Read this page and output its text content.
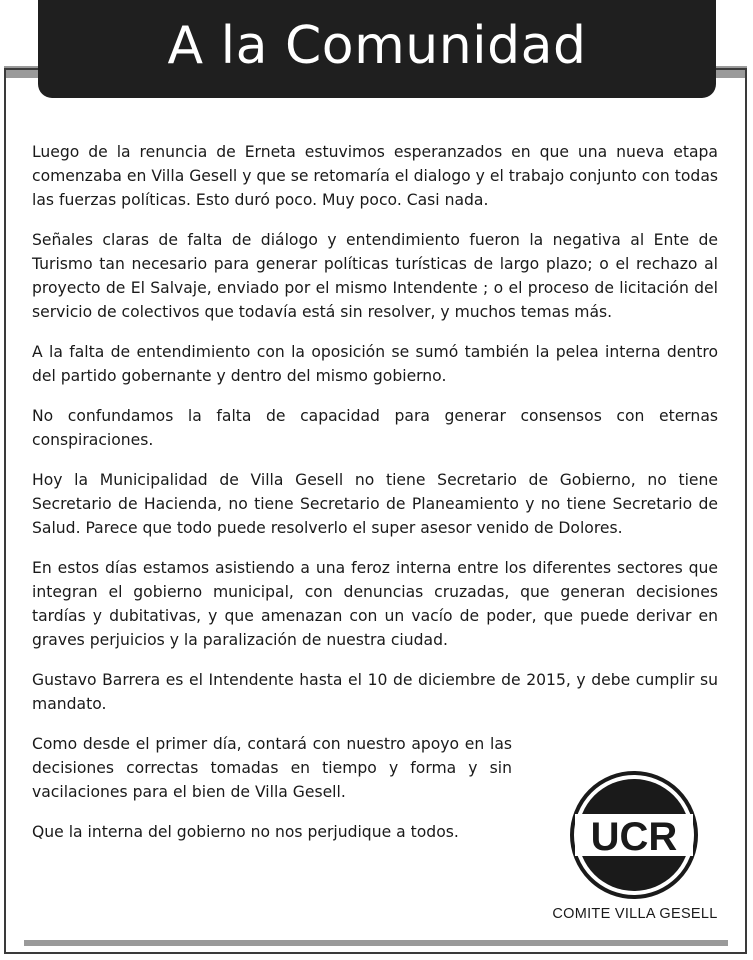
A la Comunidad

Luego de la renuncia de Erneta estuvimos esperanzados en que una nueva etapa comenzaba en Villa Gesell y que se retomaría el dialogo y el trabajo conjunto con todas las fuerzas políticas. Esto duró poco. Muy poco. Casi nada.

Señales claras de falta de diálogo y entendimiento fueron la negativa al Ente de Turismo tan necesario para generar políticas turísticas de largo plazo; o el rechazo al proyecto de El Salvaje, enviado por el mismo Intendente ; o el proceso de licitación del servicio de colectivos que todavía está sin resolver, y muchos temas más.

A la falta de entendimiento con la oposición se sumó también la pelea interna dentro del partido gobernante y dentro del mismo gobierno.

No confundamos la falta de capacidad para generar consensos con eternas conspiraciones.

Hoy la Municipalidad de Villa Gesell no tiene Secretario de Gobierno, no tiene Secretario de Hacienda, no tiene Secretario de Planeamiento y no tiene Secretario de Salud. Parece que todo puede resolverlo el super asesor venido de Dolores.

En estos días estamos asistiendo a una feroz interna entre los diferentes sectores que integran el gobierno municipal, con denuncias cruzadas, que generan decisiones tardías y dubitativas, y que amenazan con un vacío de poder, que puede derivar en graves perjuicios y la paralización de nuestra ciudad.

Gustavo Barrera es el Intendente hasta el 10 de diciembre de 2015, y debe cumplir su mandato.

Como desde el primer día, contará con nuestro apoyo en las decisiones correctas tomadas en tiempo y forma y sin vacilaciones para el bien de Villa Gesell.

Que la interna del gobierno no nos perjudique a todos.	UCR
COMITE VILLA GESELL
